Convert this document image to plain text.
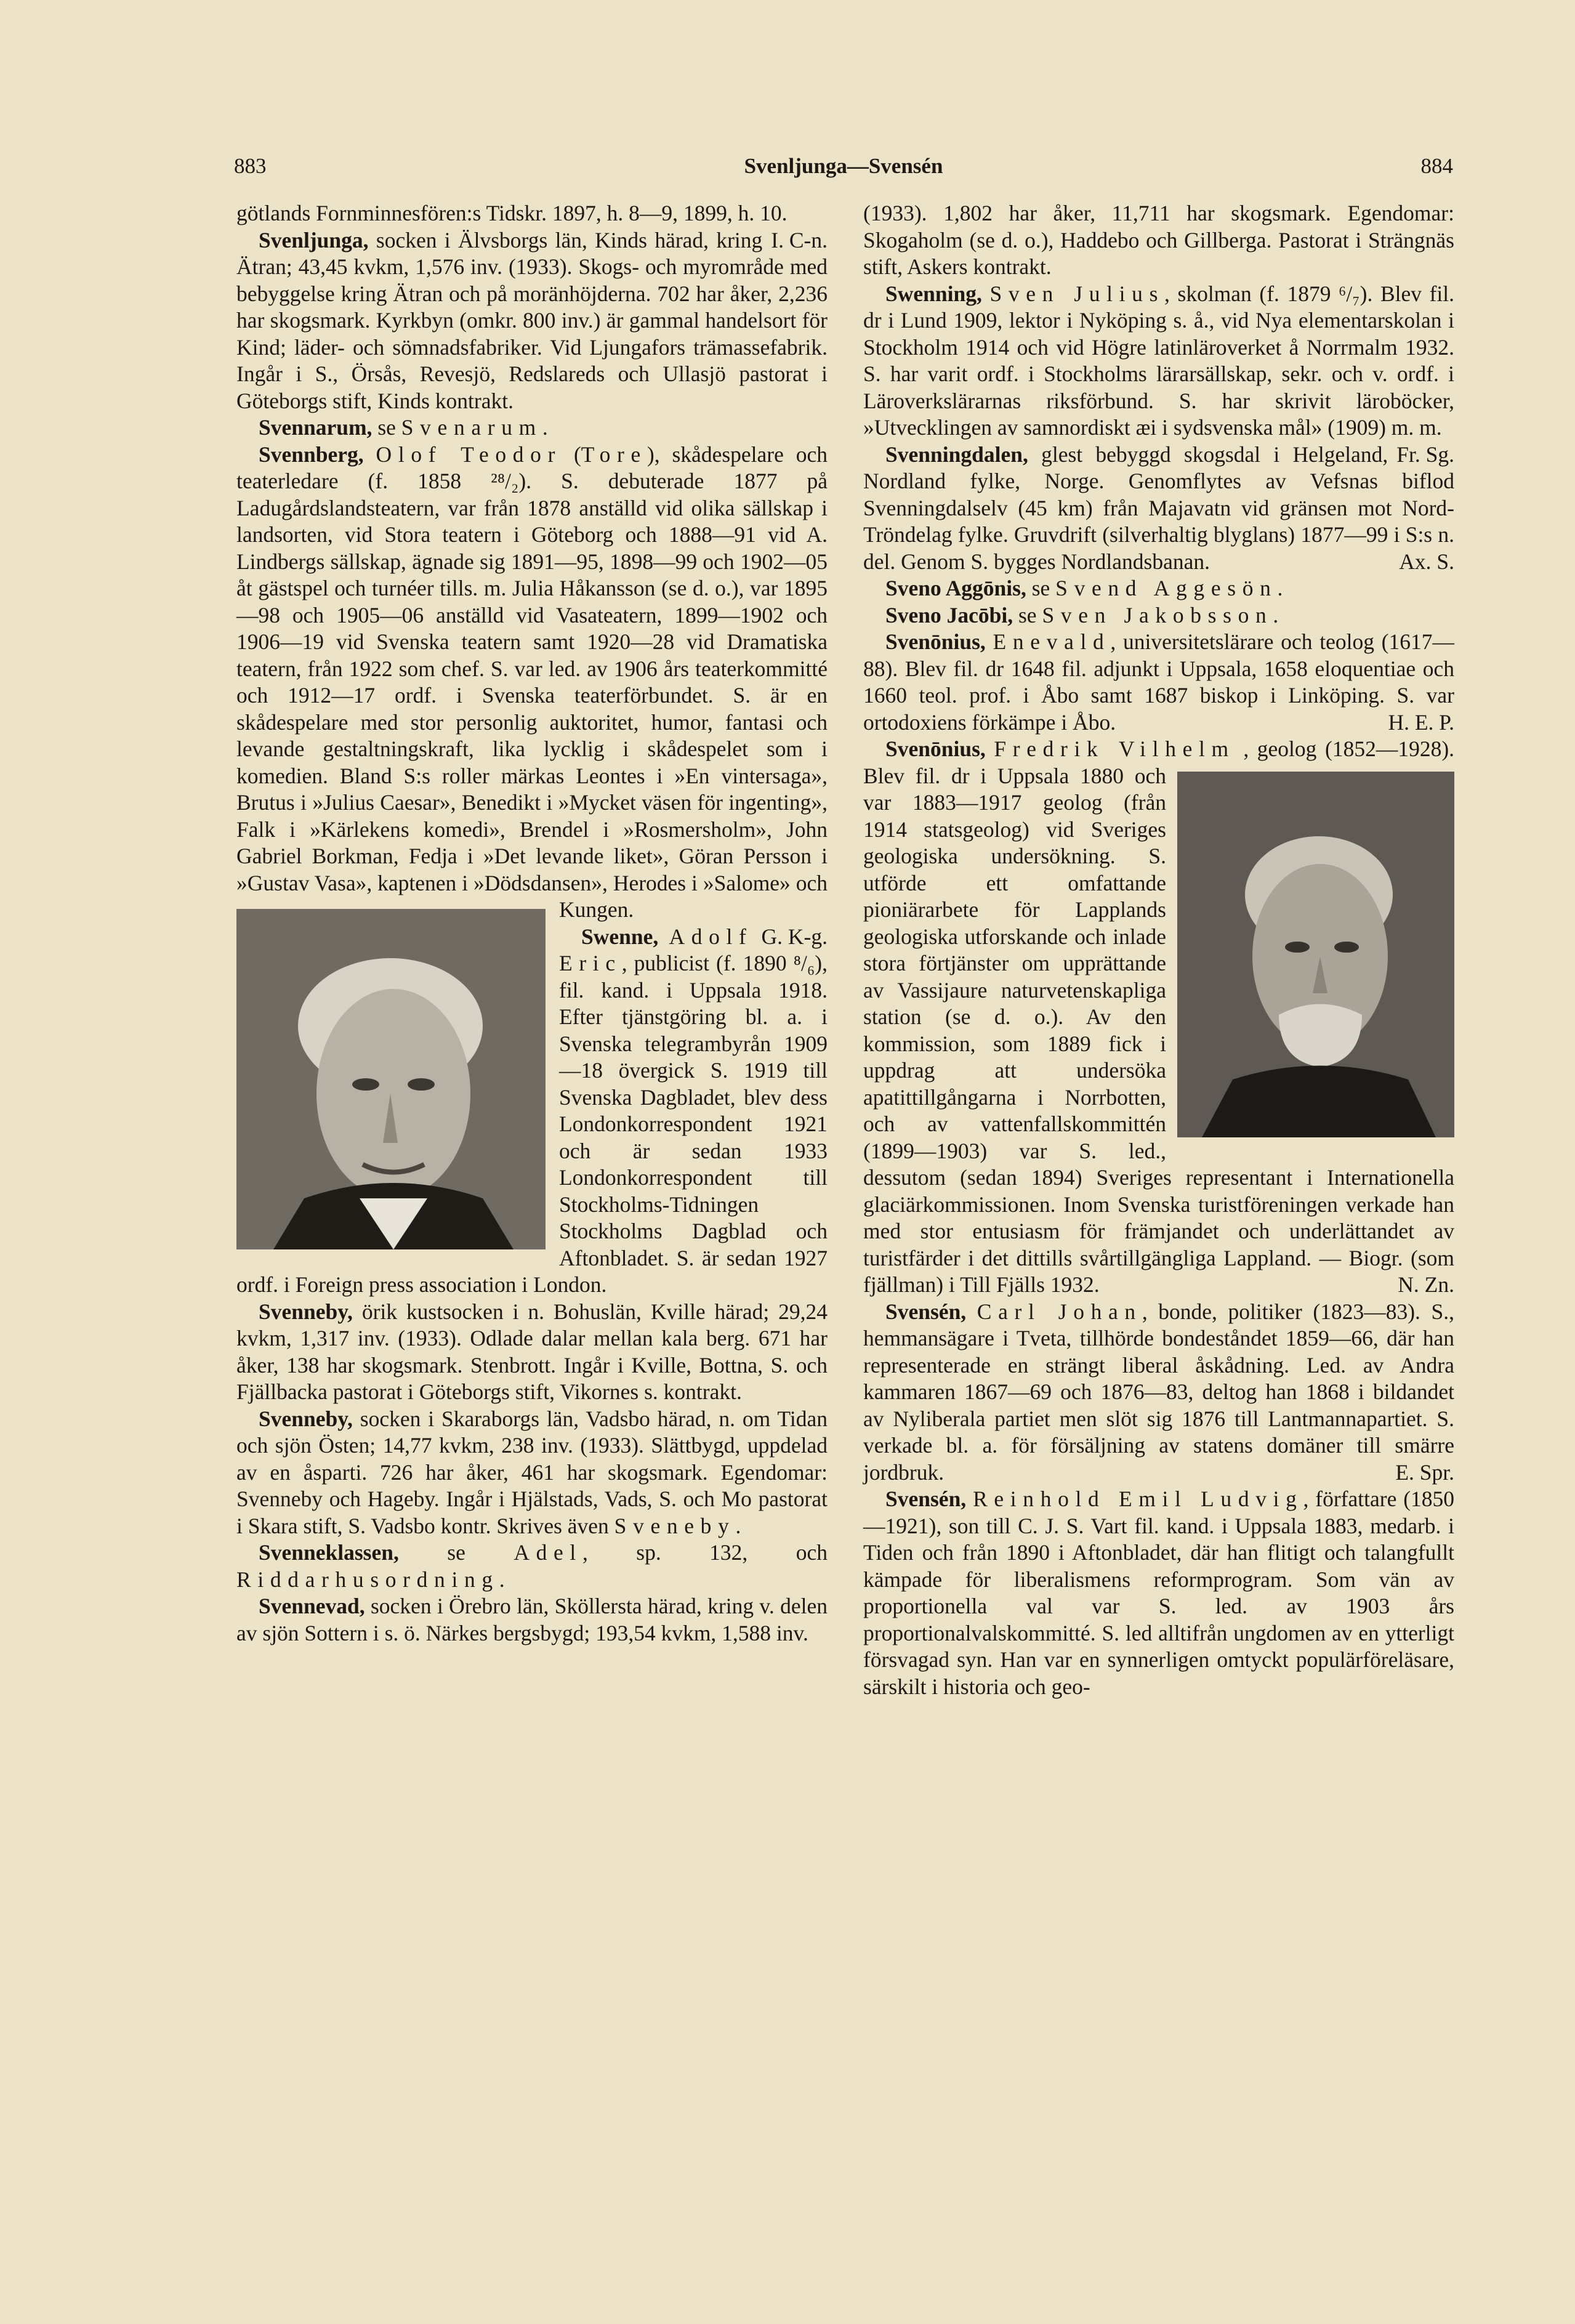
883	Svenljunga—Svensén	884

götlands Fornminnesfören:s Tidskr. 1897, h. 8—9, 1899, h. 10.
I. C-n.

Svenljunga, socken i Älvsborgs län, Kinds härad, kring Ätran; 43,45 kvkm, 1,576 inv. (1933). Skogs- och myrområde med bebyggelse kring Ätran och på moränhöjderna. 702 har åker, 2,236 har skogsmark. Kyrkbyn (omkr. 800 inv.) är gammal handelsort för Kind; läder- och sömnadsfabriker. Vid Ljungafors trämassefabrik. Ingår i S., Örsås, Revesjö, Redslareds och Ullasjö pastorat i Göteborgs stift, Kinds kontrakt.

Svennarum, se Svenarum.

Svennberg, Olof Teodor (Tore), skådespelare och teaterledare (f. 1858 ²⁸/₂). S. debuterade 1877 på Ladugårdslandsteatern, var från 1878 anställd vid olika sällskap i landsorten, vid Stora teatern i Göteborg och 1888—91 vid A. Lindbergs sällskap, ägnade sig 1891—95, 1898—99 och 1902—05 åt gästspel och turnéer tills. m. Julia Håkansson (se d. o.), var 1895—98 och 1905—06 anställd vid Vasateatern, 1899—1902 och 1906—19 vid Svenska teatern samt 1920—28 vid Dramatiska teatern, från 1922 som chef. S. var led. av 1906 års teaterkommitté och 1912—17 ordf. i Svenska teaterförbundet. S. är en skådespelare med stor personlig auktoritet, humor, fantasi och levande gestaltningskraft, lika lycklig i skådespelet som i komedien. Bland S:s roller märkas Leontes i »En vintersaga», Brutus i »Julius Caesar», Benedikt i »Mycket väsen för ingenting», Falk i »Kärlekens komedi», Brendel i »Rosmersholm», John Gabriel Borkman, Fedja i »Det levande liket», Göran Persson i »Gustav Vasa», kaptenen i »Dödsdansen», Herodes i »Salome» och Kungen.

G. K-g.

Swenne, Adolf Eric, publicist (f. 1890 ⁸/₆), fil. kand. i Uppsala 1918. Efter tjänstgöring bl. a. i Svenska telegrambyrån 1909—18 övergick S. 1919 till Svenska Dagbladet, blev dess Londonkorrespondent 1921 och är sedan 1933 Londonkorrespondent till Stockholms-Tidningen Stockholms Dagblad och Aftonbladet. S. är sedan 1927 ordf. i Foreign press association i London.

Svenneby, örik kustsocken i n. Bohuslän, Kville härad; 29,24 kvkm, 1,317 inv. (1933). Odlade dalar mellan kala berg. 671 har åker, 138 har skogsmark. Stenbrott. Ingår i Kville, Bottna, S. och Fjällbacka pastorat i Göteborgs stift, Vikornes s. kontrakt.

Svenneby, socken i Skaraborgs län, Vadsbo härad, n. om Tidan och sjön Östen; 14,77 kvkm, 238 inv. (1933). Slättbygd, uppdelad av en åsparti. 726 har åker, 461 har skogsmark. Egendomar: Svenneby och Hageby. Ingår i Hjälstads, Vads, S. och Mo pastorat i Skara stift, S. Vadsbo kontr. Skrives även Sveneby.

Svenneklassen, se Adel, sp. 132, och Riddarhusordning.

Svennevad, socken i Örebro län, Sköllersta härad, kring v. delen av sjön Sottern i s. ö. Närkes bergsbygd; 193,54 kvkm, 1,588 inv.

(1933). 1,802 har åker, 11,711 har skogsmark. Egendomar: Skogaholm (se d. o.), Haddebo och Gillberga. Pastorat i Strängnäs stift, Askers kontrakt.

Swenning, Sven Julius, skolman (f. 1879 ⁶/₇). Blev fil. dr i Lund 1909, lektor i Nyköping s. å., vid Nya elementarskolan i Stockholm 1914 och vid Högre latinläroverket å Norrmalm 1932. S. har varit ordf. i Stockholms lärarsällskap, sekr. och v. ordf. i Läroverkslärarnas riksförbund. S. har skrivit läroböcker, »Utvecklingen av samnordiskt æi i sydsvenska mål» (1909) m. m.
Fr. Sg.

Svenningdalen, glest bebyggd skogsdal i Helgeland, Nordland fylke, Norge. Genomflytes av Vefsnas biflod Svenningdalselv (45 km) från Majavatn vid gränsen mot Nord-Tröndelag fylke. Gruvdrift (silverhaltig blyglans) 1877—99 i S:s n. del. Genom S. bygges Nordlandsbanan.	Ax. S.

Sveno Aggōnis, se Svend Aggesön.

Sveno Jacōbi, se Sven Jakobsson.

Svenōnius, Enevald, universitetslärare och teolog (1617—88). Blev fil. dr 1648 fil. adjunkt i Uppsala, 1658 eloquentiae och 1660 teol. prof. i Åbo samt 1687 biskop i Linköping. S. var ortodoxiens förkämpe i Åbo.	H. E. P.

Svenōnius, Fredrik Vilhelm , geolog (1852—1928). Blev fil. dr i Uppsala 1880 och var 1883—1917 geolog (från 1914 statsgeolog) vid Sveriges geologiska undersökning. S. utförde ett omfattande pioniärarbete för Lapplands geologiska utforskande och inlade stora förtjänster om upprättande av Vassijaure naturvetenskapliga station (se d. o.). Av den kommission, som 1889 fick i uppdrag att undersöka apatittillgångarna i Norrbotten, och av vattenfallskommittén (1899—1903) var S. led., dessutom (sedan 1894) Sveriges representant i Internationella glaciärkommissionen. Inom Svenska turistföreningen verkade han med stor entusiasm för främjandet och underlättandet av turistfärder i det dittills svårtillgängliga Lappland. — Biogr. (som fjällman) i Till Fjälls 1932.	N. Zn.

Svensén, Carl Johan, bonde, politiker (1823—83). S., hemmansägare i Tveta, tillhörde bondeståndet 1859—66, där han representerade en strängt liberal åskådning. Led. av Andra kammaren 1867—69 och 1876—83, deltog han 1868 i bildandet av Nyliberala partiet men slöt sig 1876 till Lantmannapartiet. S. verkade bl. a. för försäljning av statens domäner till smärre jordbruk.	E. Spr.

Svensén, Reinhold Emil Ludvig, författare (1850—1921), son till C. J. S. Vart fil. kand. i Uppsala 1883, medarb. i Tiden och från 1890 i Aftonbladet, där han flitigt och talangfullt kämpade för liberalismens reformprogram. Som vän av proportionella val var S. led. av 1903 års proportionalvalskommitté. S. led alltifrån ungdomen av en ytterligt försvagad syn. Han var en synnerligen omtyckt populärföreläsare, särskilt i historia och geo-
